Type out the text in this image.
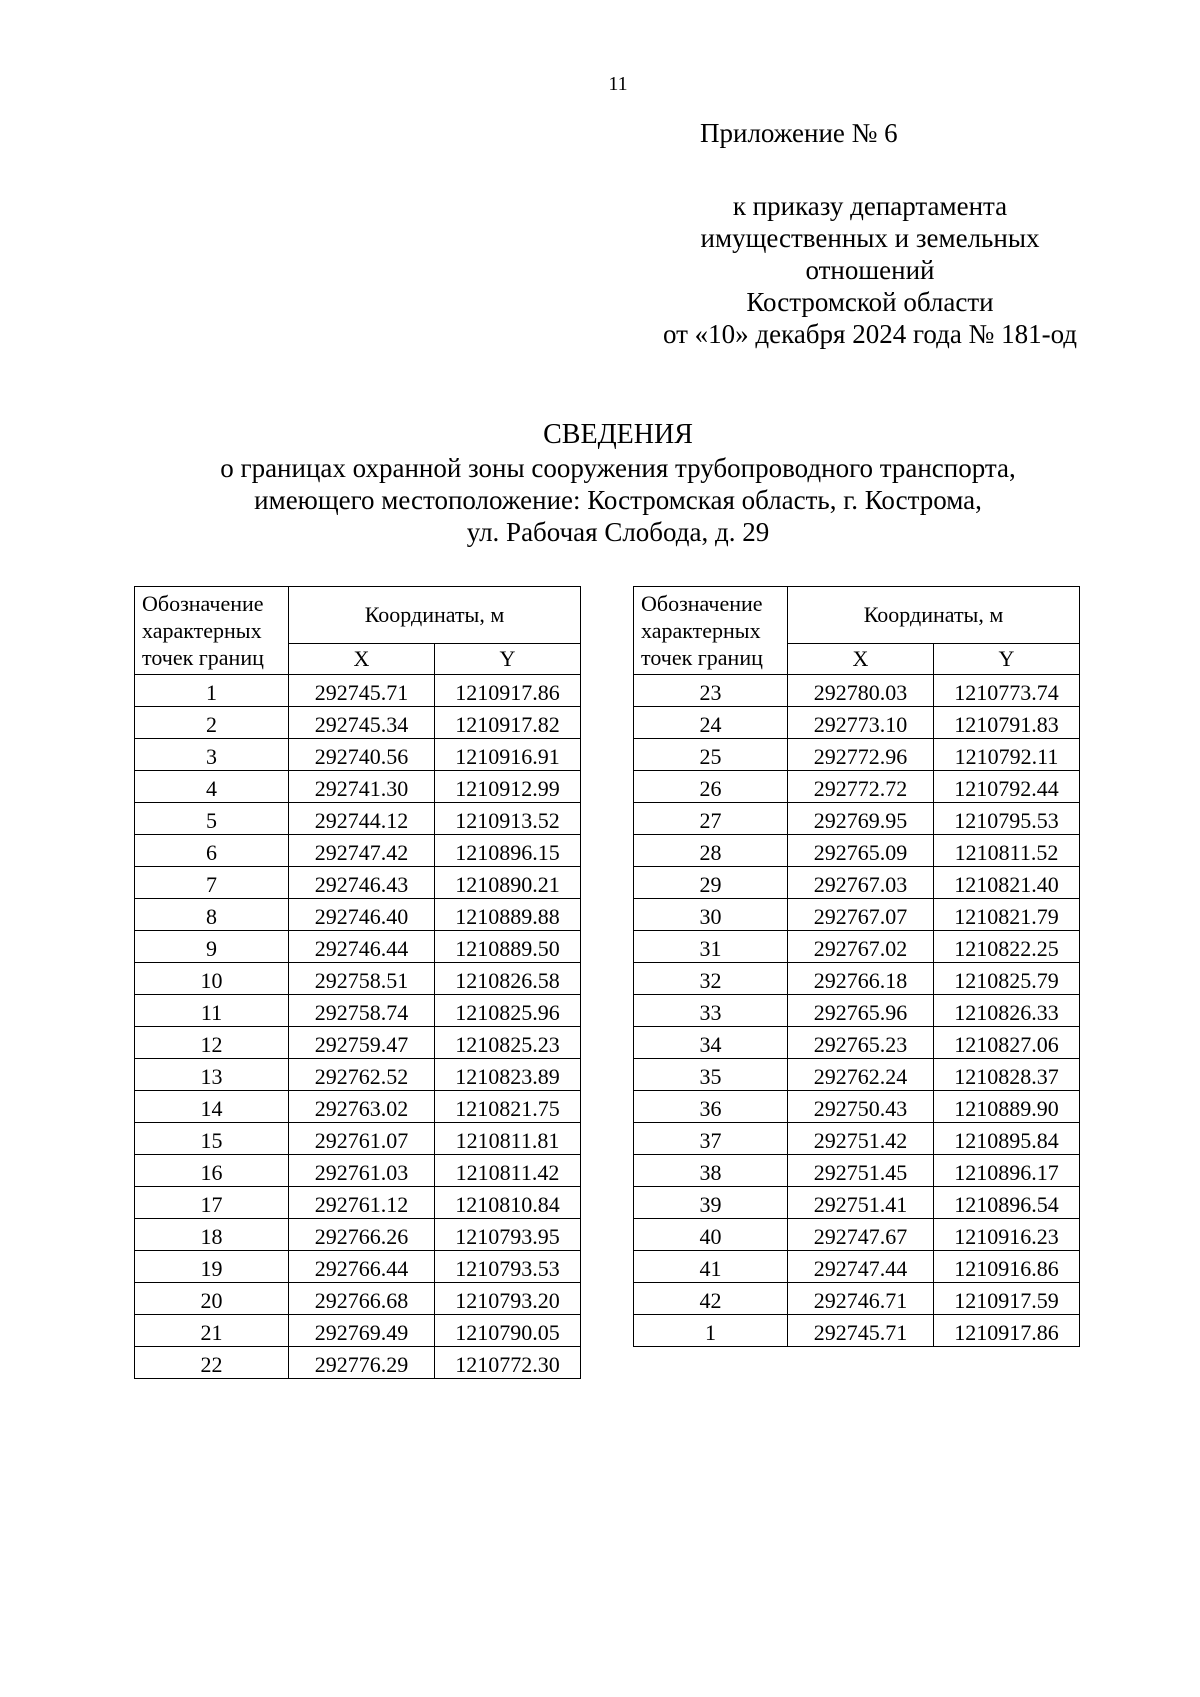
11
Приложение № 6
к приказу департамента
имущественных и земельных
отношений
Костромской области
от «10» декабря 2024 года № 181-од
СВЕДЕНИЯ
о границах охранной зоны сооружения трубопроводного транспорта,
имеющего местоположение: Костромская область, г. Кострома,
ул. Рабочая Слобода, д. 29
Обозначение характерных точек границ	Координаты, м	
	X	Y
1	292745.71	1210917.86
2	292745.34	1210917.82
3	292740.56	1210916.91
4	292741.30	1210912.99
5	292744.12	1210913.52
6	292747.42	1210896.15
7	292746.43	1210890.21
8	292746.40	1210889.88
9	292746.44	1210889.50
10	292758.51	1210826.58
11	292758.74	1210825.96
12	292759.47	1210825.23
13	292762.52	1210823.89
14	292763.02	1210821.75
15	292761.07	1210811.81
16	292761.03	1210811.42
17	292761.12	1210810.84
18	292766.26	1210793.95
19	292766.44	1210793.53
20	292766.68	1210793.20
21	292769.49	1210790.05
22	292776.29	1210772.30
Обозначение характерных точек границ	Координаты, м	
	X	Y
23	292780.03	1210773.74
24	292773.10	1210791.83
25	292772.96	1210792.11
26	292772.72	1210792.44
27	292769.95	1210795.53
28	292765.09	1210811.52
29	292767.03	1210821.40
30	292767.07	1210821.79
31	292767.02	1210822.25
32	292766.18	1210825.79
33	292765.96	1210826.33
34	292765.23	1210827.06
35	292762.24	1210828.37
36	292750.43	1210889.90
37	292751.42	1210895.84
38	292751.45	1210896.17
39	292751.41	1210896.54
40	292747.67	1210916.23
41	292747.44	1210916.86
42	292746.71	1210917.59
1	292745.71	1210917.86
